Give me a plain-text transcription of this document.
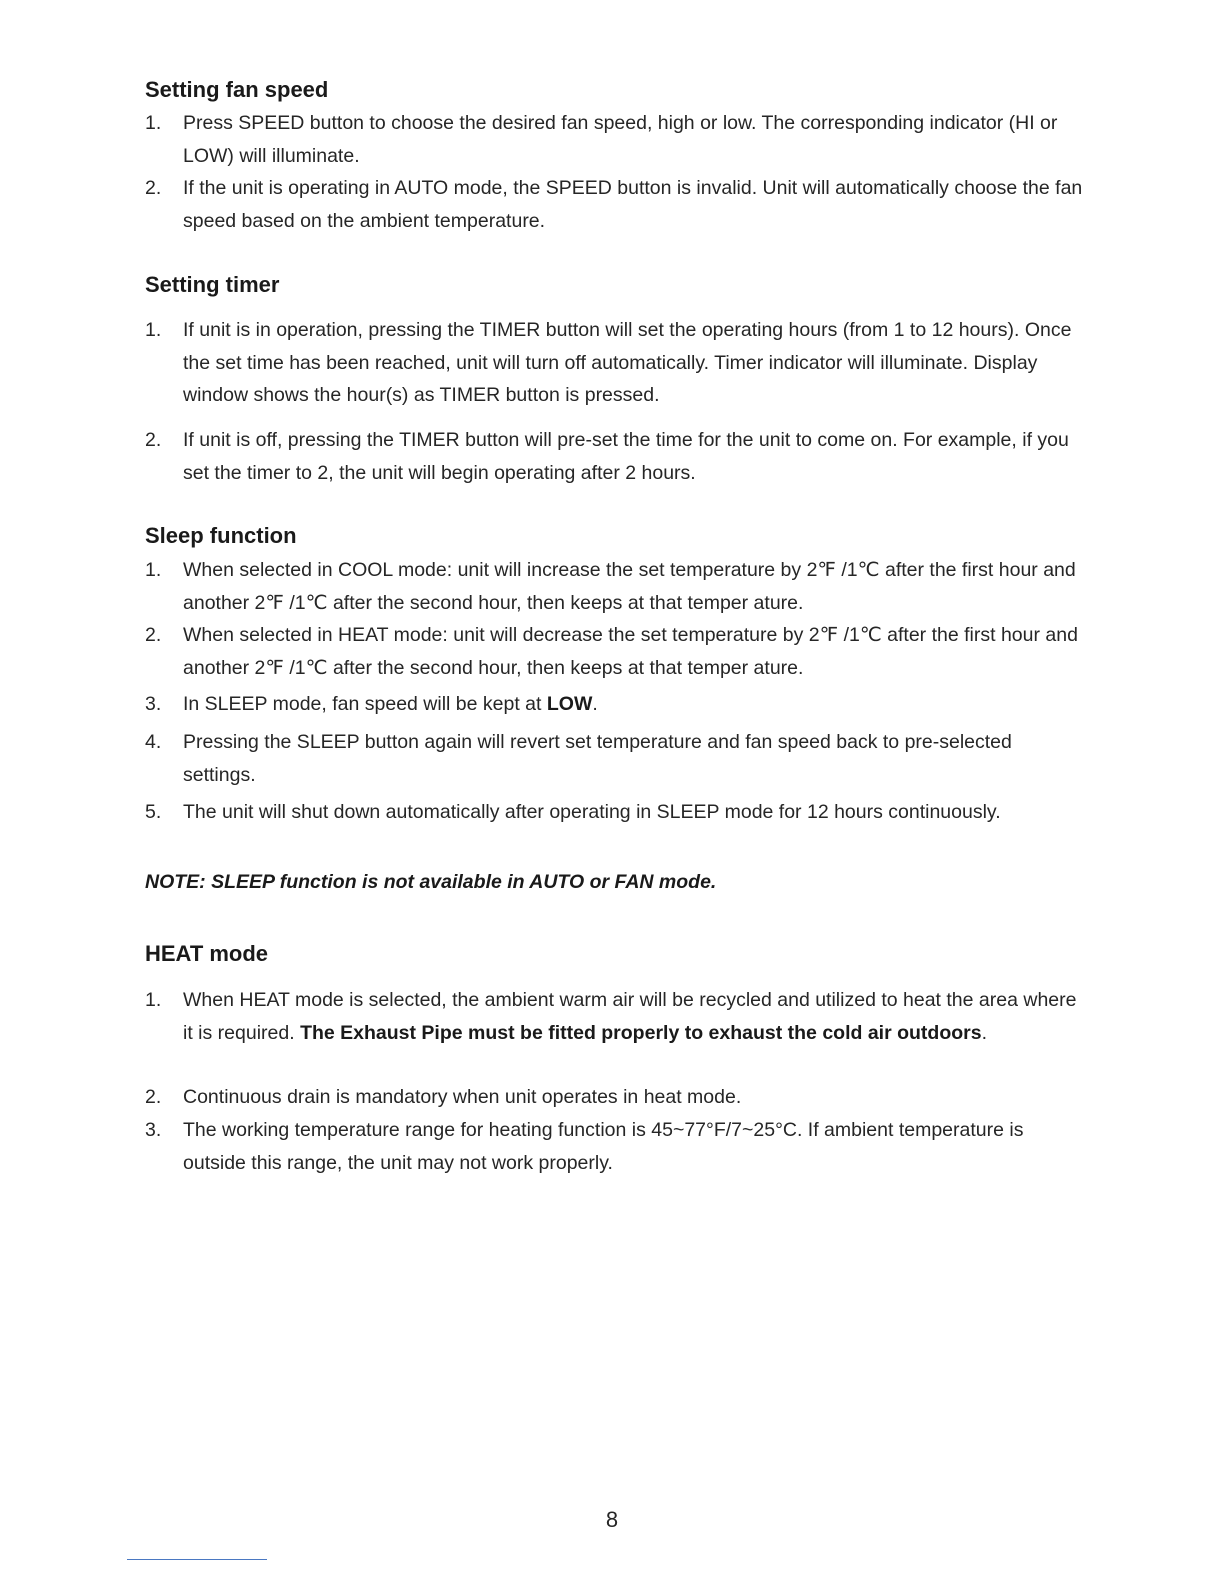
Setting fan speed
1.	Press SPEED button to choose the desired fan speed, high or low. The corresponding indicator (HI or LOW) will illuminate.
2.	If the unit is operating in AUTO mode, the SPEED button is invalid. Unit will automatically choose the fan speed based on the ambient temperature.
Setting timer
1.	If unit is in operation, pressing the TIMER button will set the operating hours (from 1 to 12 hours). Once the set time has been reached, unit will turn off automatically. Timer indicator will illuminate. Display window shows the hour(s) as TIMER button is pressed.
2.	If unit is off, pressing the TIMER button will pre-set the time for the unit to come on. For example, if you set the timer to 2, the unit will begin operating after 2 hours.
Sleep function
1.	When selected in COOL mode: unit will increase the set temperature by 2℉ /1℃ after the first hour and another 2℉ /1℃ after the second hour, then keeps at that temper ature.
2.	When selected in HEAT mode: unit will decrease the set temperature by 2℉ /1℃ after the first hour and another 2℉ /1℃ after the second hour, then keeps at that temper ature.
3.	In SLEEP mode, fan speed will be kept at LOW.
4.	Pressing the SLEEP button again will revert set temperature and fan speed back to pre-selected settings.
5.	The unit will shut down automatically after operating in SLEEP mode for 12 hours continuously.
NOTE: SLEEP function is not available in AUTO or FAN mode.
HEAT mode
1.	When HEAT mode is selected, the ambient warm air will be recycled and utilized to heat the area where it is required. The Exhaust Pipe must be fitted properly to exhaust the cold air outdoors.
2.	Continuous drain is mandatory when unit operates in heat mode.
3.	The working temperature range for heating function is 45~77°F/7~25°C. If ambient temperature is outside this range, the unit may not work properly.
8
